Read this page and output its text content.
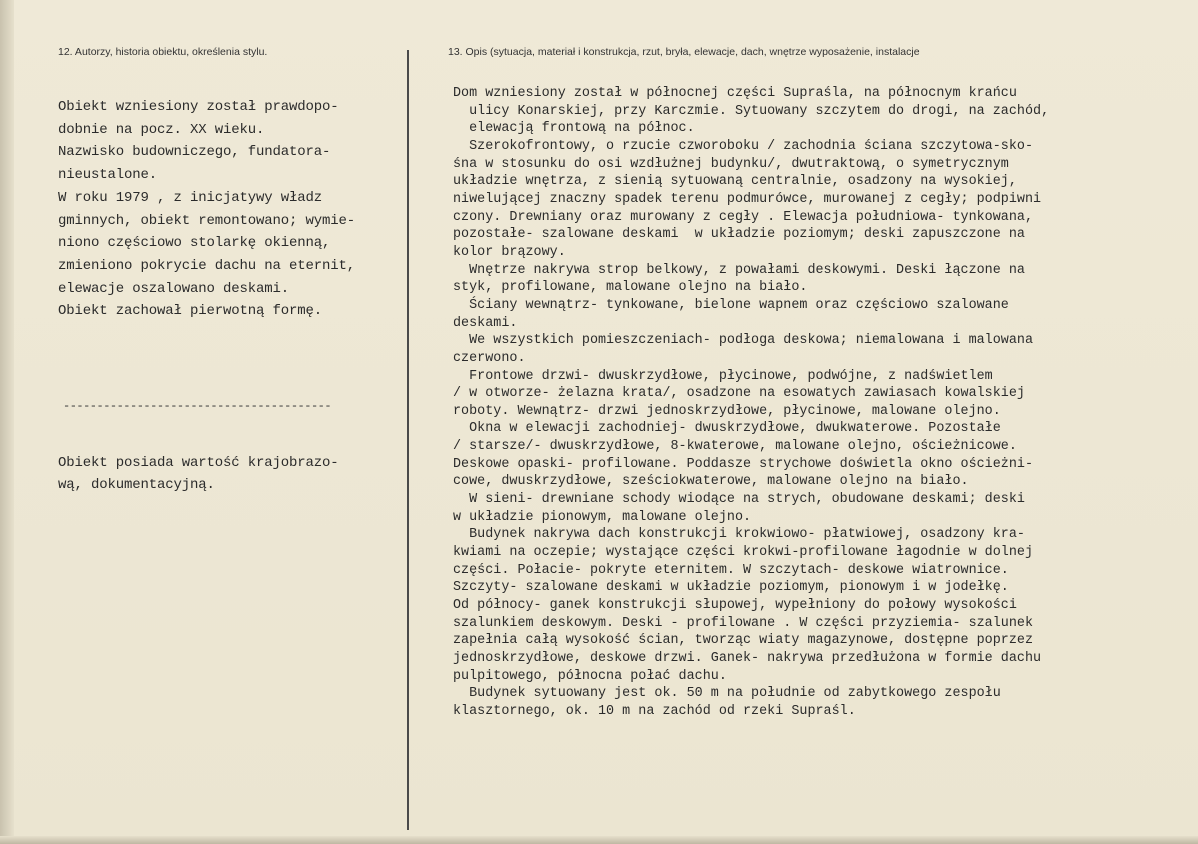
12. Autorzy, historia obiektu, określenia stylu.	13. Opis (sytuacja, materiał i konstrukcja, rzut, bryła, elewacje, dach, wnętrze wyposażenie, instalacje
Obiekt wzniesiony został prawdopo-
dobnie na pocz. XX wieku.
Nazwisko budowniczego, fundatora-
nieustalone.
W roku 1979 , z inicjatywy władz
gminnych, obiekt remontowano; wymie-
niono częściowo stolarkę okienną,
zmieniono pokrycie dachu na eternit,
elewacje oszalowano deskami.
Obiekt zachował pierwotną formę.
----------------------------------------
Obiekt posiada wartość krajobrazo-
wą, dokumentacyjną.
Dom wzniesiony został w północnej części Supraśla, na północnym krańcu
ulicy Konarskiej, przy Karczmie. Sytuowany szczytem do drogi, na zachód,
elewacją frontową na północ.
Szerokofrontowy, o rzucie czworoboku / zachodnia ściana szczytowa-sko-
śna w stosunku do osi wzdłużnej budynku/, dwutraktową, o symetrycznym
układzie wnętrza, z sienią sytuowaną centralnie, osadzony na wysokiej,
niwelującej znaczny spadek terenu podmurówce, murowanej z cegły; podpiwni
czony. Drewniany oraz murowany z cegły . Elewacja południowa- tynkowana,
pozostałe- szalowane deskami  w układzie poziomym; deski zapuszczone na
kolor brązowy.
Wnętrze nakrywa strop belkowy, z powałami deskowymi. Deski łączone na
styk, profilowane, malowane olejno na biało.
Ściany wewnątrz- tynkowane, bielone wapnem oraz częściowo szalowane
deskami.
We wszystkich pomieszczeniach- podłoga deskowa; niemalowana i malowana
czerwono.
Frontowe drzwi- dwuskrzydłowe, płycinowe, podwójne, z nadświetlem
/ w otworze- żelazna krata/, osadzone na esowatych zawiasach kowalskiej
roboty. Wewnątrz- drzwi jednoskrzydłowe, płycinowe, malowane olejno.
Okna w elewacji zachodniej- dwuskrzydłowe, dwukwaterowe. Pozostałe
/ starsze/- dwuskrzydłowe, 8-kwaterowe, malowane olejno, ościeżnicowe.
Deskowe opaski- profilowane. Poddasze strychowe doświetla okno ościeżni-
cowe, dwuskrzydłowe, sześciokwaterowe, malowane olejno na biało.
W sieni- drewniane schody wiodące na strych, obudowane deskami; deski
w układzie pionowym, malowane olejno.
Budynek nakrywa dach konstrukcji krokwiowo- płatwiowej, osadzony kra-
kwiami na oczepie; wystające części krokwi-profilowane łagodnie w dolnej
części. Połacie- pokryte eternitem. W szczytach- deskowe wiatrownice.
Szczyty- szalowane deskami w układzie poziomym, pionowym i w jodełkę.
Od północy- ganek konstrukcji słupowej, wypełniony do połowy wysokości
szalunkiem deskowym. Deski - profilowane . W części przyziemia- szalunek
zapełnia całą wysokość ścian, tworząc wiaty magazynowe, dostępne poprzez
jednoskrzydłowe, deskowe drzwi. Ganek- nakrywa przedłużona w formie dachu
pulpitowego, północna połać dachu.
Budynek sytuowany jest ok. 50 m na południe od zabytkowego zespołu
klasztornego, ok. 10 m na zachód od rzeki Supraśl.
